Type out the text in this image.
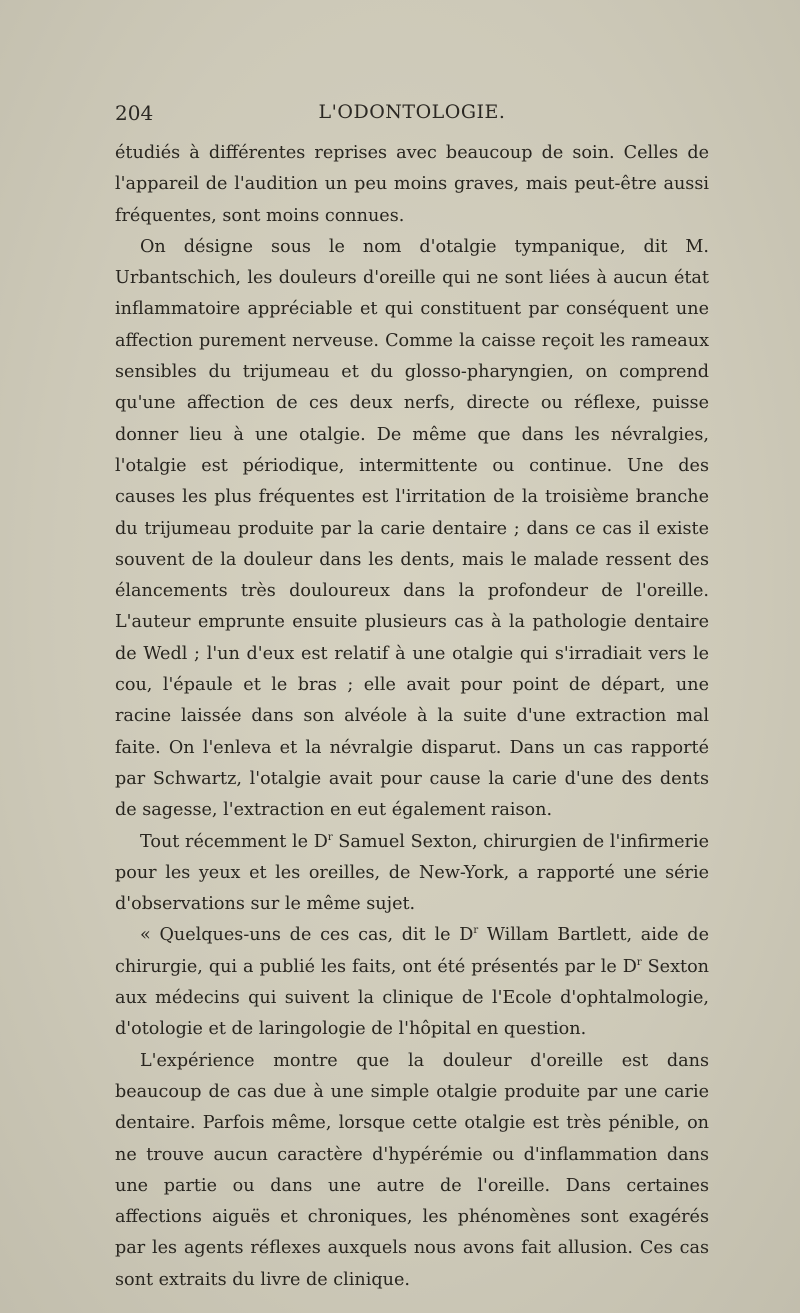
204	L'ODONTOLOGIE.

étudiés à différentes reprises avec beaucoup de soin. Celles de l'appareil de l'audition un peu moins graves, mais peut-être aussi fréquentes, sont moins connues.

On désigne sous le nom d'otalgie tympanique, dit M. Urbantschich, les douleurs d'oreille qui ne sont liées à aucun état inflammatoire appréciable et qui constituent par conséquent une affection purement nerveuse. Comme la caisse reçoit les rameaux sensibles du trijumeau et du glosso-pharyngien, on comprend qu'une affection de ces deux nerfs, directe ou réflexe, puisse donner lieu à une otalgie. De même que dans les névralgies, l'otalgie est périodique, intermittente ou continue. Une des causes les plus fréquentes est l'irritation de la troisième branche du trijumeau produite par la carie dentaire ; dans ce cas il existe souvent de la douleur dans les dents, mais le malade ressent des élancements très douloureux dans la profondeur de l'oreille. L'auteur emprunte ensuite plusieurs cas à la pathologie dentaire de Wedl ; l'un d'eux est relatif à une otalgie qui s'irradiait vers le cou, l'épaule et le bras ; elle avait pour point de départ, une racine laissée dans son alvéole à la suite d'une extraction mal faite. On l'enleva et la névralgie disparut. Dans un cas rapporté par Schwartz, l'otalgie avait pour cause la carie d'une des dents de sagesse, l'extraction en eut également raison.

Tout récemment le $D^r$ Samuel Sexton, chirurgien de l'infirmerie pour les yeux et les oreilles, de New-York, a rapporté une série d'observations sur le même sujet.

« Quelques-uns de ces cas, dit le $D^r$ Willam Bartlett, aide de chirurgie, qui a publié les faits, ont été présentés par le $D^r$ Sexton aux médecins qui suivent la clinique de l'Ecole d'ophtalmologie, d'otologie et de laringologie de l'hôpital en question.

L'expérience montre que la douleur d'oreille est dans beaucoup de cas due à une simple otalgie produite par une carie dentaire. Parfois même, lorsque cette otalgie est très pénible, on ne trouve aucun caractère d'hypérémie ou d'inflammation dans une partie ou dans une autre de l'oreille. Dans certaines affections aiguës et chroniques, les phénomènes sont exagérés par les agents réflexes auxquels nous avons fait allusion. Ces cas sont extraits du livre de clinique.
